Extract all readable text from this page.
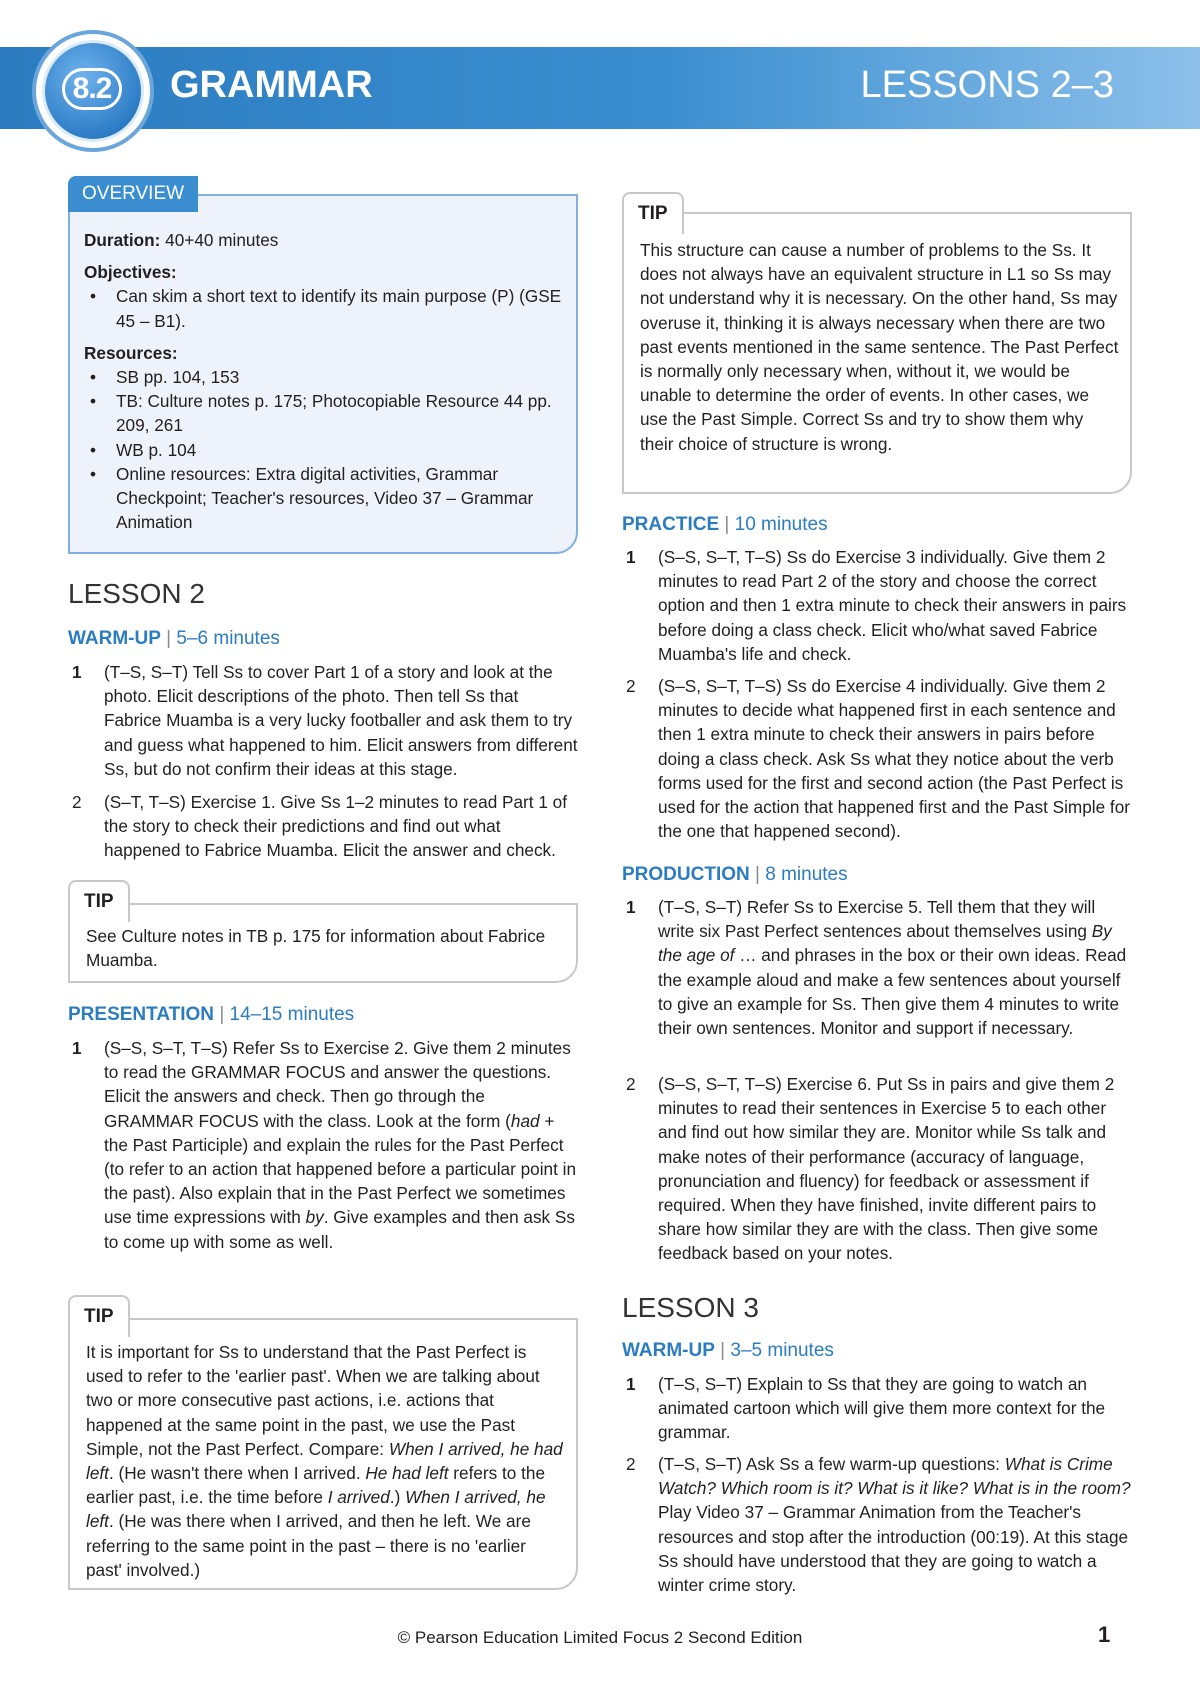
8.2 GRAMMAR	LESSONS 2–3
OVERVIEW
Duration: 40+40 minutes
Objectives:
• Can skim a short text to identify its main purpose (P) (GSE 45 – B1).
Resources:
• SB pp. 104, 153
• TB: Culture notes p. 175; Photocopiable Resource 44 pp. 209, 261
• WB p. 104
• Online resources: Extra digital activities, Grammar Checkpoint; Teacher's resources, Video 37 – Grammar Animation
LESSON 2
WARM-UP | 5–6 minutes
1 (T–S, S–T) Tell Ss to cover Part 1 of a story and look at the photo. Elicit descriptions of the photo. Then tell Ss that Fabrice Muamba is a very lucky footballer and ask them to try and guess what happened to him. Elicit answers from different Ss, but do not confirm their ideas at this stage.
2 (S–T, T–S) Exercise 1. Give Ss 1–2 minutes to read Part 1 of the story to check their predictions and find out what happened to Fabrice Muamba. Elicit the answer and check.
TIP
See Culture notes in TB p. 175 for information about Fabrice Muamba.
PRESENTATION | 14–15 minutes
1 (S–S, S–T, T–S) Refer Ss to Exercise 2. Give them 2 minutes to read the GRAMMAR FOCUS and answer the questions. Elicit the answers and check. Then go through the GRAMMAR FOCUS with the class. Look at the form (had + the Past Participle) and explain the rules for the Past Perfect (to refer to an action that happened before a particular point in the past). Also explain that in the Past Perfect we sometimes use time expressions with by. Give examples and then ask Ss to come up with some as well.
TIP
It is important for Ss to understand that the Past Perfect is used to refer to the 'earlier past'. When we are talking about two or more consecutive past actions, i.e. actions that happened at the same point in the past, we use the Past Simple, not the Past Perfect. Compare: When I arrived, he had left. (He wasn't there when I arrived. He had left refers to the earlier past, i.e. the time before I arrived.) When I arrived, he left. (He was there when I arrived, and then he left. We are referring to the same point in the past – there is no 'earlier past' involved.)
TIP
This structure can cause a number of problems to the Ss. It does not always have an equivalent structure in L1 so Ss may not understand why it is necessary. On the other hand, Ss may overuse it, thinking it is always necessary when there are two past events mentioned in the same sentence. The Past Perfect is normally only necessary when, without it, we would be unable to determine the order of events. In other cases, we use the Past Simple. Correct Ss and try to show them why their choice of structure is wrong.
PRACTICE | 10 minutes
1 (S–S, S–T, T–S) Ss do Exercise 3 individually. Give them 2 minutes to read Part 2 of the story and choose the correct option and then 1 extra minute to check their answers in pairs before doing a class check. Elicit who/what saved Fabrice Muamba's life and check.
2 (S–S, S–T, T–S) Ss do Exercise 4 individually. Give them 2 minutes to decide what happened first in each sentence and then 1 extra minute to check their answers in pairs before doing a class check. Ask Ss what they notice about the verb forms used for the first and second action (the Past Perfect is used for the action that happened first and the Past Simple for the one that happened second).
PRODUCTION | 8 minutes
1 (T–S, S–T) Refer Ss to Exercise 5. Tell them that they will write six Past Perfect sentences about themselves using By the age of … and phrases in the box or their own ideas. Read the example aloud and make a few sentences about yourself to give an example for Ss. Then give them 4 minutes to write their own sentences. Monitor and support if necessary.
2 (S–S, S–T, T–S) Exercise 6. Put Ss in pairs and give them 2 minutes to read their sentences in Exercise 5 to each other and find out how similar they are. Monitor while Ss talk and make notes of their performance (accuracy of language, pronunciation and fluency) for feedback or assessment if required. When they have finished, invite different pairs to share how similar they are with the class. Then give some feedback based on your notes.
LESSON 3
WARM-UP | 3–5 minutes
1 (T–S, S–T) Explain to Ss that they are going to watch an animated cartoon which will give them more context for the grammar.
2 (T–S, S–T) Ask Ss a few warm-up questions: What is Crime Watch? Which room is it? What is it like? What is in the room? Play Video 37 – Grammar Animation from the Teacher's resources and stop after the introduction (00:19). At this stage Ss should have understood that they are going to watch a winter crime story.
© Pearson Education Limited Focus 2 Second Edition	1
